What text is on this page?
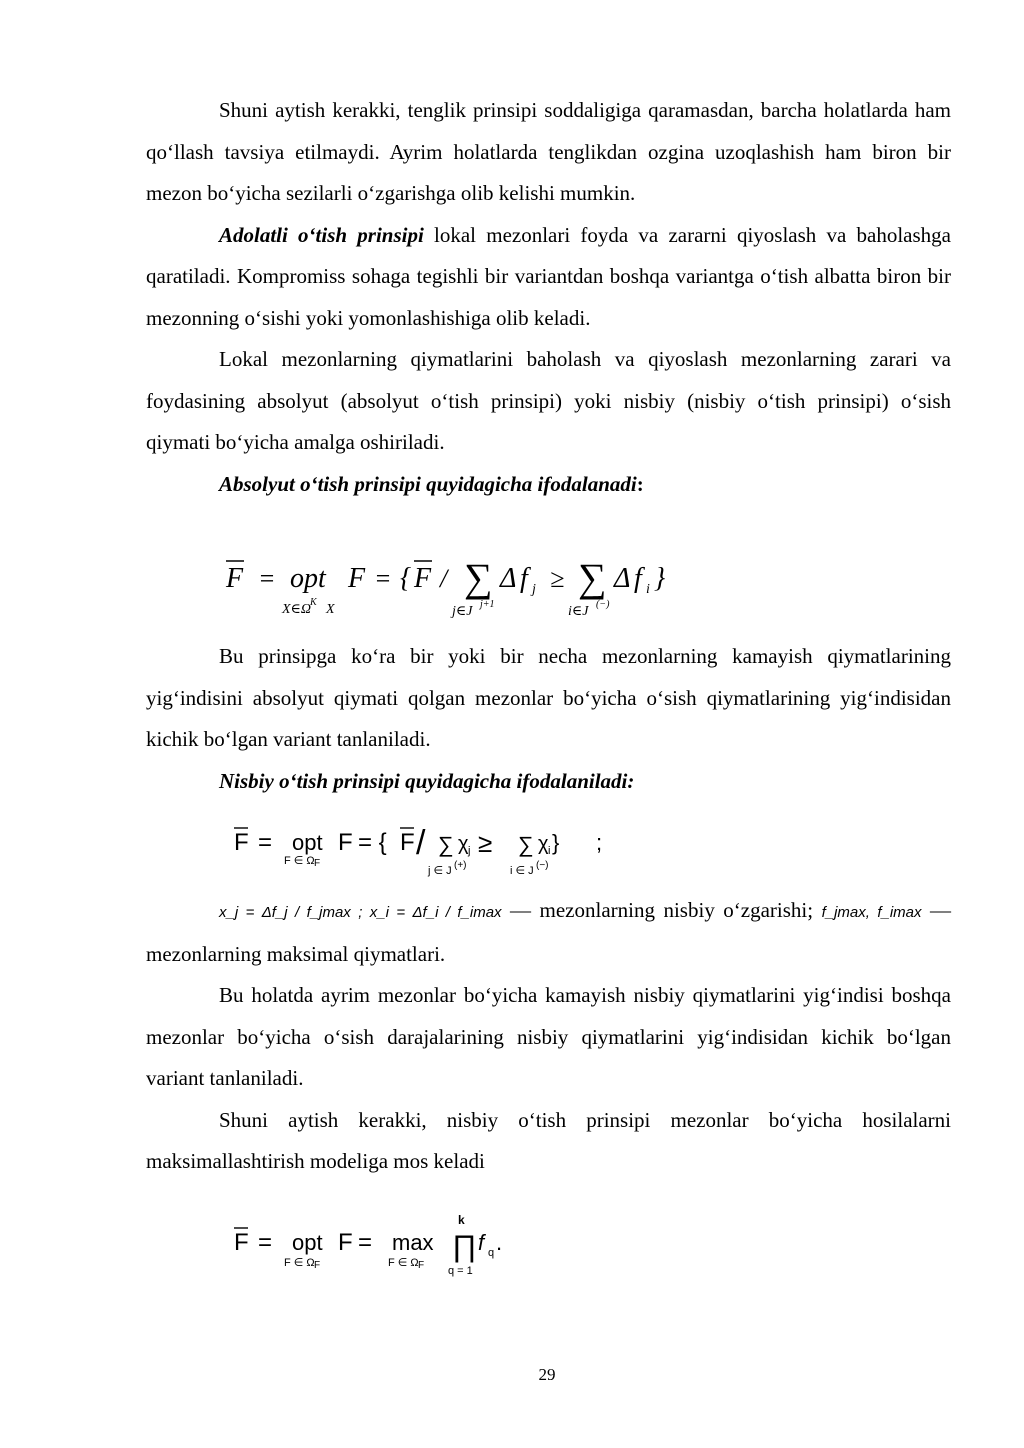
Shuni aytish kerakki, tenglik prinsipi soddaligiga qaramasdan, barcha holatlarda ham qo‘llash tavsiya etilmaydi. Ayrim holatlarda tenglikdan ozgina uzoqlashish ham biron bir mezon bo‘yicha sezilarli o‘zgarishga olib kelishi mumkin.

Adolatli o‘tish prinsipi lokal mezonlari foyda va zararni qiyoslash va baholashga qaratiladi. Kompromiss sohaga tegishli bir variantdan boshqa variantga o‘tish albatta biron bir mezonning o‘sishi yoki yomonlashishiga olib keladi.

Lokal mezonlarning qiymatlarini baholash va qiyoslash mezonlarning zarari va foydasining absolyut (absolyut o‘tish prinsipi) yoki nisbiy (nisbiy o‘tish prinsipi) o‘sish qiymati bo‘yicha amalga oshiriladi.

Absolyut o‘tish prinsipi quyidagicha ifodalanadi:

F = opt
X∈Ω
K X
F = { F / ∑ Δ f j
j∈J j+1
≥ ∑ Δ f i }
i∈J (−)

Bu prinsipga ko‘ra bir yoki bir necha mezonlarning kamayish qiymatlarining yig‘indisini absolyut qiymati qolgan mezonlar bo‘yicha o‘sish qiymatlarining yig‘indisidan kichik bo‘lgan variant tanlaniladi.

Nisbiy o‘tish prinsipi quyidagicha ifodalaniladi:

F = opt
F ∈ Ω F
F = { F / ∑ χ j
j ∈ J (+)
≥ ∑ χ i }
i ∈ J (−)
;

x_j = Δf_j / f_jmax ; x_i = Δf_i / f_imax — mezonlarning nisbiy o‘zgarishi; f_jmax, f_imax — mezonlarning maksimal qiymatlari.

Bu holatda ayrim mezonlar bo‘yicha kamayish nisbiy qiymatlarini yig‘indisi boshqa mezonlar bo‘yicha o‘sish darajalarining nisbiy qiymatlarini yig‘indisidan kichik bo‘lgan variant tanlaniladi.

Shuni aytish kerakki, nisbiy o‘tish prinsipi mezonlar bo‘yicha hosilalarni maksimallashtirish modeliga mos keladi

F = opt
F ∈ Ω F
F = max
F ∈ Ω F
k
∏
q = 1
f q .
29
